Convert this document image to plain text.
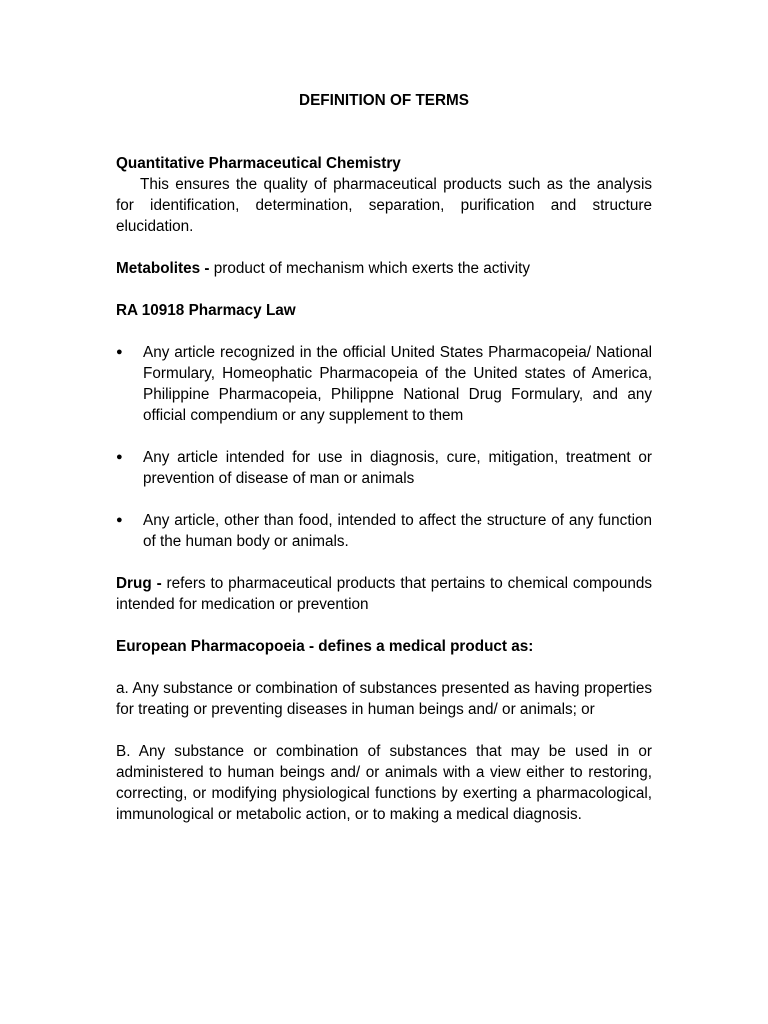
DEFINITION OF TERMS

Quantitative Pharmaceutical Chemistry

This ensures the quality of pharmaceutical products such as the analysis for identification, determination, separation, purification and structure elucidation.

Metabolites - product of mechanism which exerts the activity

RA 10918 Pharmacy Law

● Any article recognized in the official United States Pharmacopeia/ National Formulary, Homeophatic Pharmacopeia of the United states of America, Philippine Pharmacopeia, Philippne National Drug Formulary, and any official compendium or any supplement to them
● Any article intended for use in diagnosis, cure, mitigation, treatment or prevention of disease of man or animals
● Any article, other than food, intended to affect the structure of any function of the human body or animals.

Drug - refers to pharmaceutical products that pertains to chemical compounds intended for medication or prevention

European Pharmacopoeia - defines a medical product as:

a. Any substance or combination of substances presented as having properties for treating or preventing diseases in human beings and/ or animals; or

B. Any substance or combination of substances that may be used in or administered to human beings and/ or animals with a view either to restoring, correcting, or modifying physiological functions by exerting a pharmacological, immunological or metabolic action, or to making a medical diagnosis.
